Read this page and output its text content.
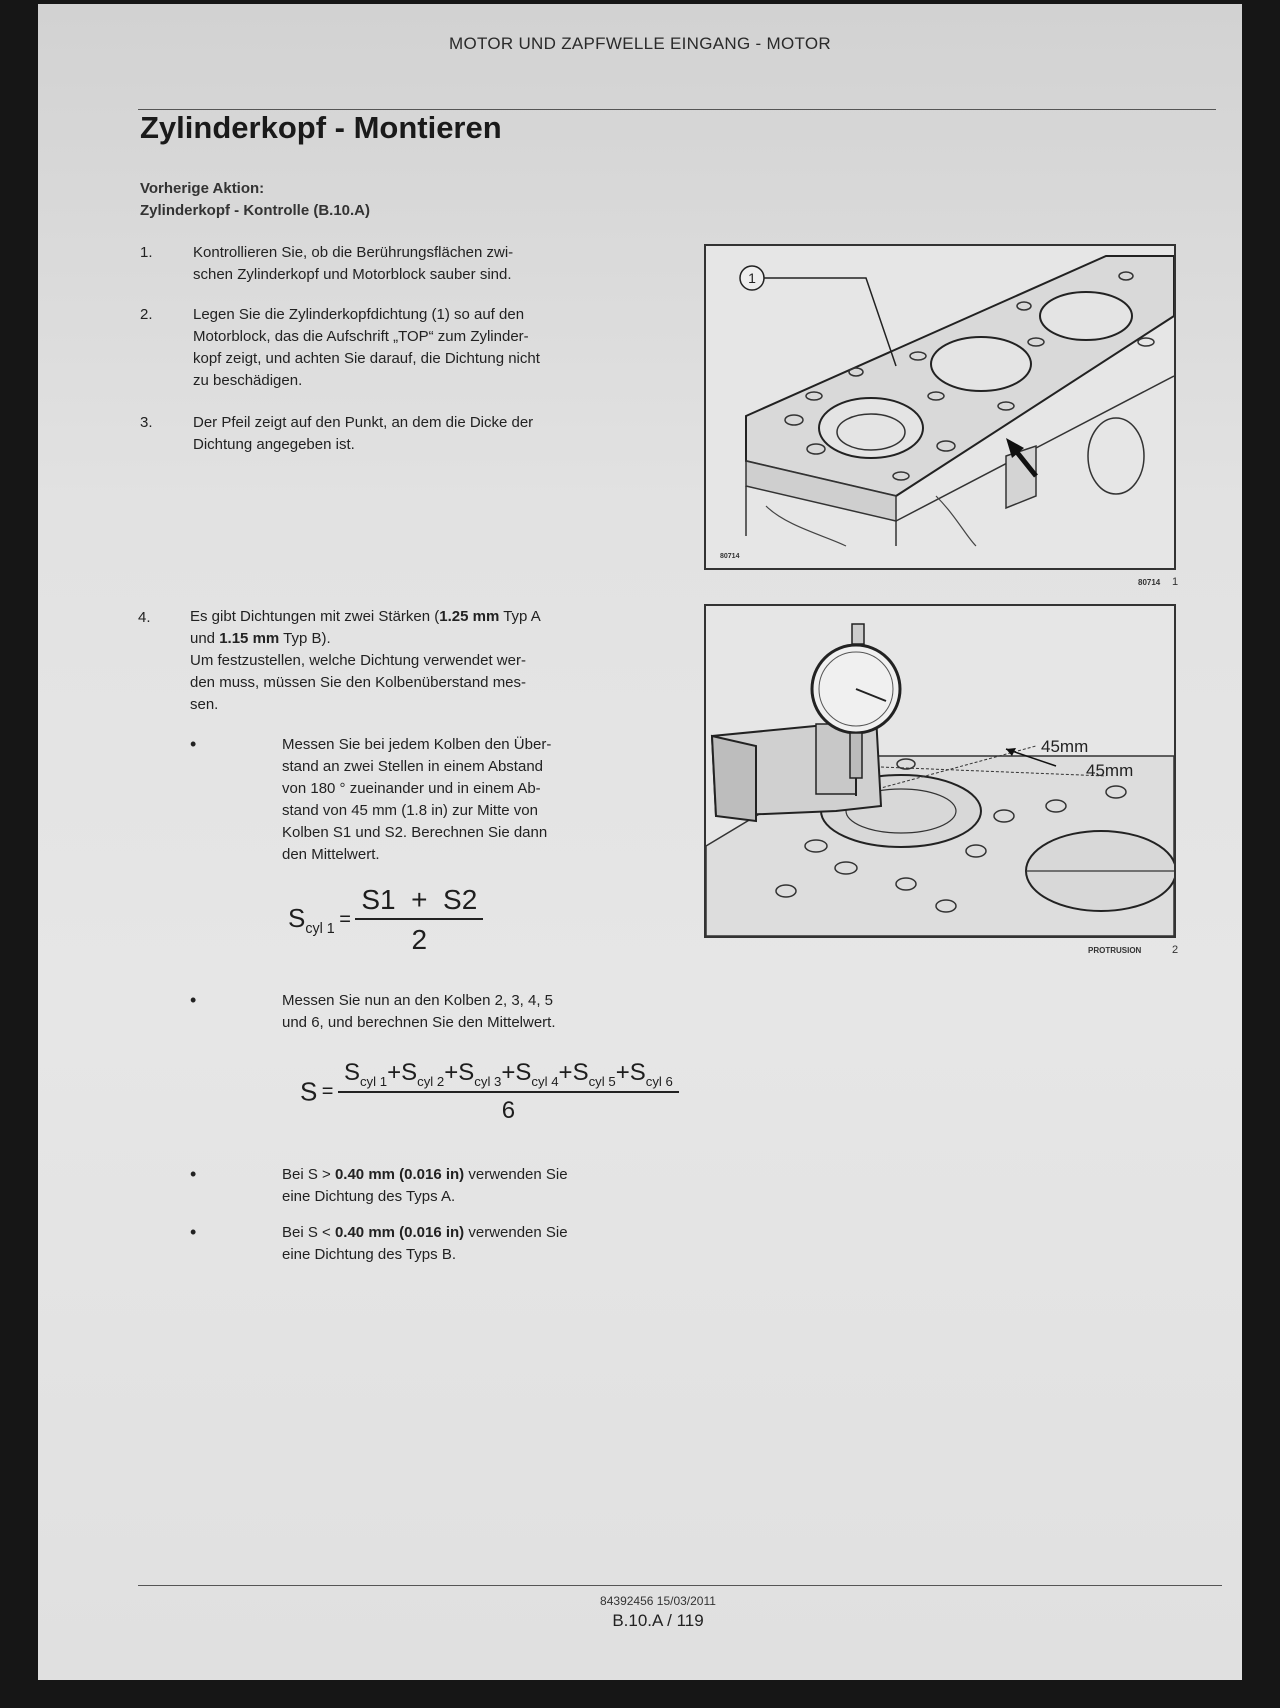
MOTOR UND ZAPFWELLE EINGANG - MOTOR
Zylinderkopf - Montieren
Vorherige Aktion:
Zylinderkopf - Kontrolle (B.10.A)
1.	Kontrollieren Sie, ob die Berührungsflächen zwi-
schen Zylinderkopf und Motorblock sauber sind.
2.	Legen Sie die Zylinderkopfdichtung (1) so auf den
Motorblock, das die Aufschrift „TOP“ zum Zylinder-
kopf zeigt, und achten Sie darauf, die Dichtung nicht
zu beschädigen.
3.	Der Pfeil zeigt auf den Punkt, an dem die Dicke der
Dichtung angegeben ist.
1
80714
80714 1
4.	Es gibt Dichtungen mit zwei Stärken (1.25 mm Typ A
und 1.15 mm Typ B).
Um festzustellen, welche Dichtung verwendet wer-
den muss, müssen Sie den Kolbenüberstand mes-
sen.
45mm
45mm
PROTRUSION	2
•	Messen Sie bei jedem Kolben den Über-
stand an zwei Stellen in einem Abstand
von 180 ° zueinander und in einem Ab-
stand von 45 mm (1.8 in) zur Mitte von
Kolben S1 und S2. Berechnen Sie dann
den Mittelwert.
$S_{cyl 1} = \frac{S1 + S2}{2}$
•	Messen Sie nun an den Kolben 2, 3, 4, 5
und 6, und berechnen Sie den Mittelwert.
$S = \frac{S_{cyl 1}+S_{cyl 2}+S_{cyl 3}+S_{cyl 4}+S_{cyl 5}+S_{cyl 6}}{6}$
•	Bei S > 0.40 mm (0.016 in) verwenden Sie
eine Dichtung des Typs A.
•	Bei S < 0.40 mm (0.016 in) verwenden Sie
eine Dichtung des Typs B.
84392456 15/03/2011
B.10.A / 119
